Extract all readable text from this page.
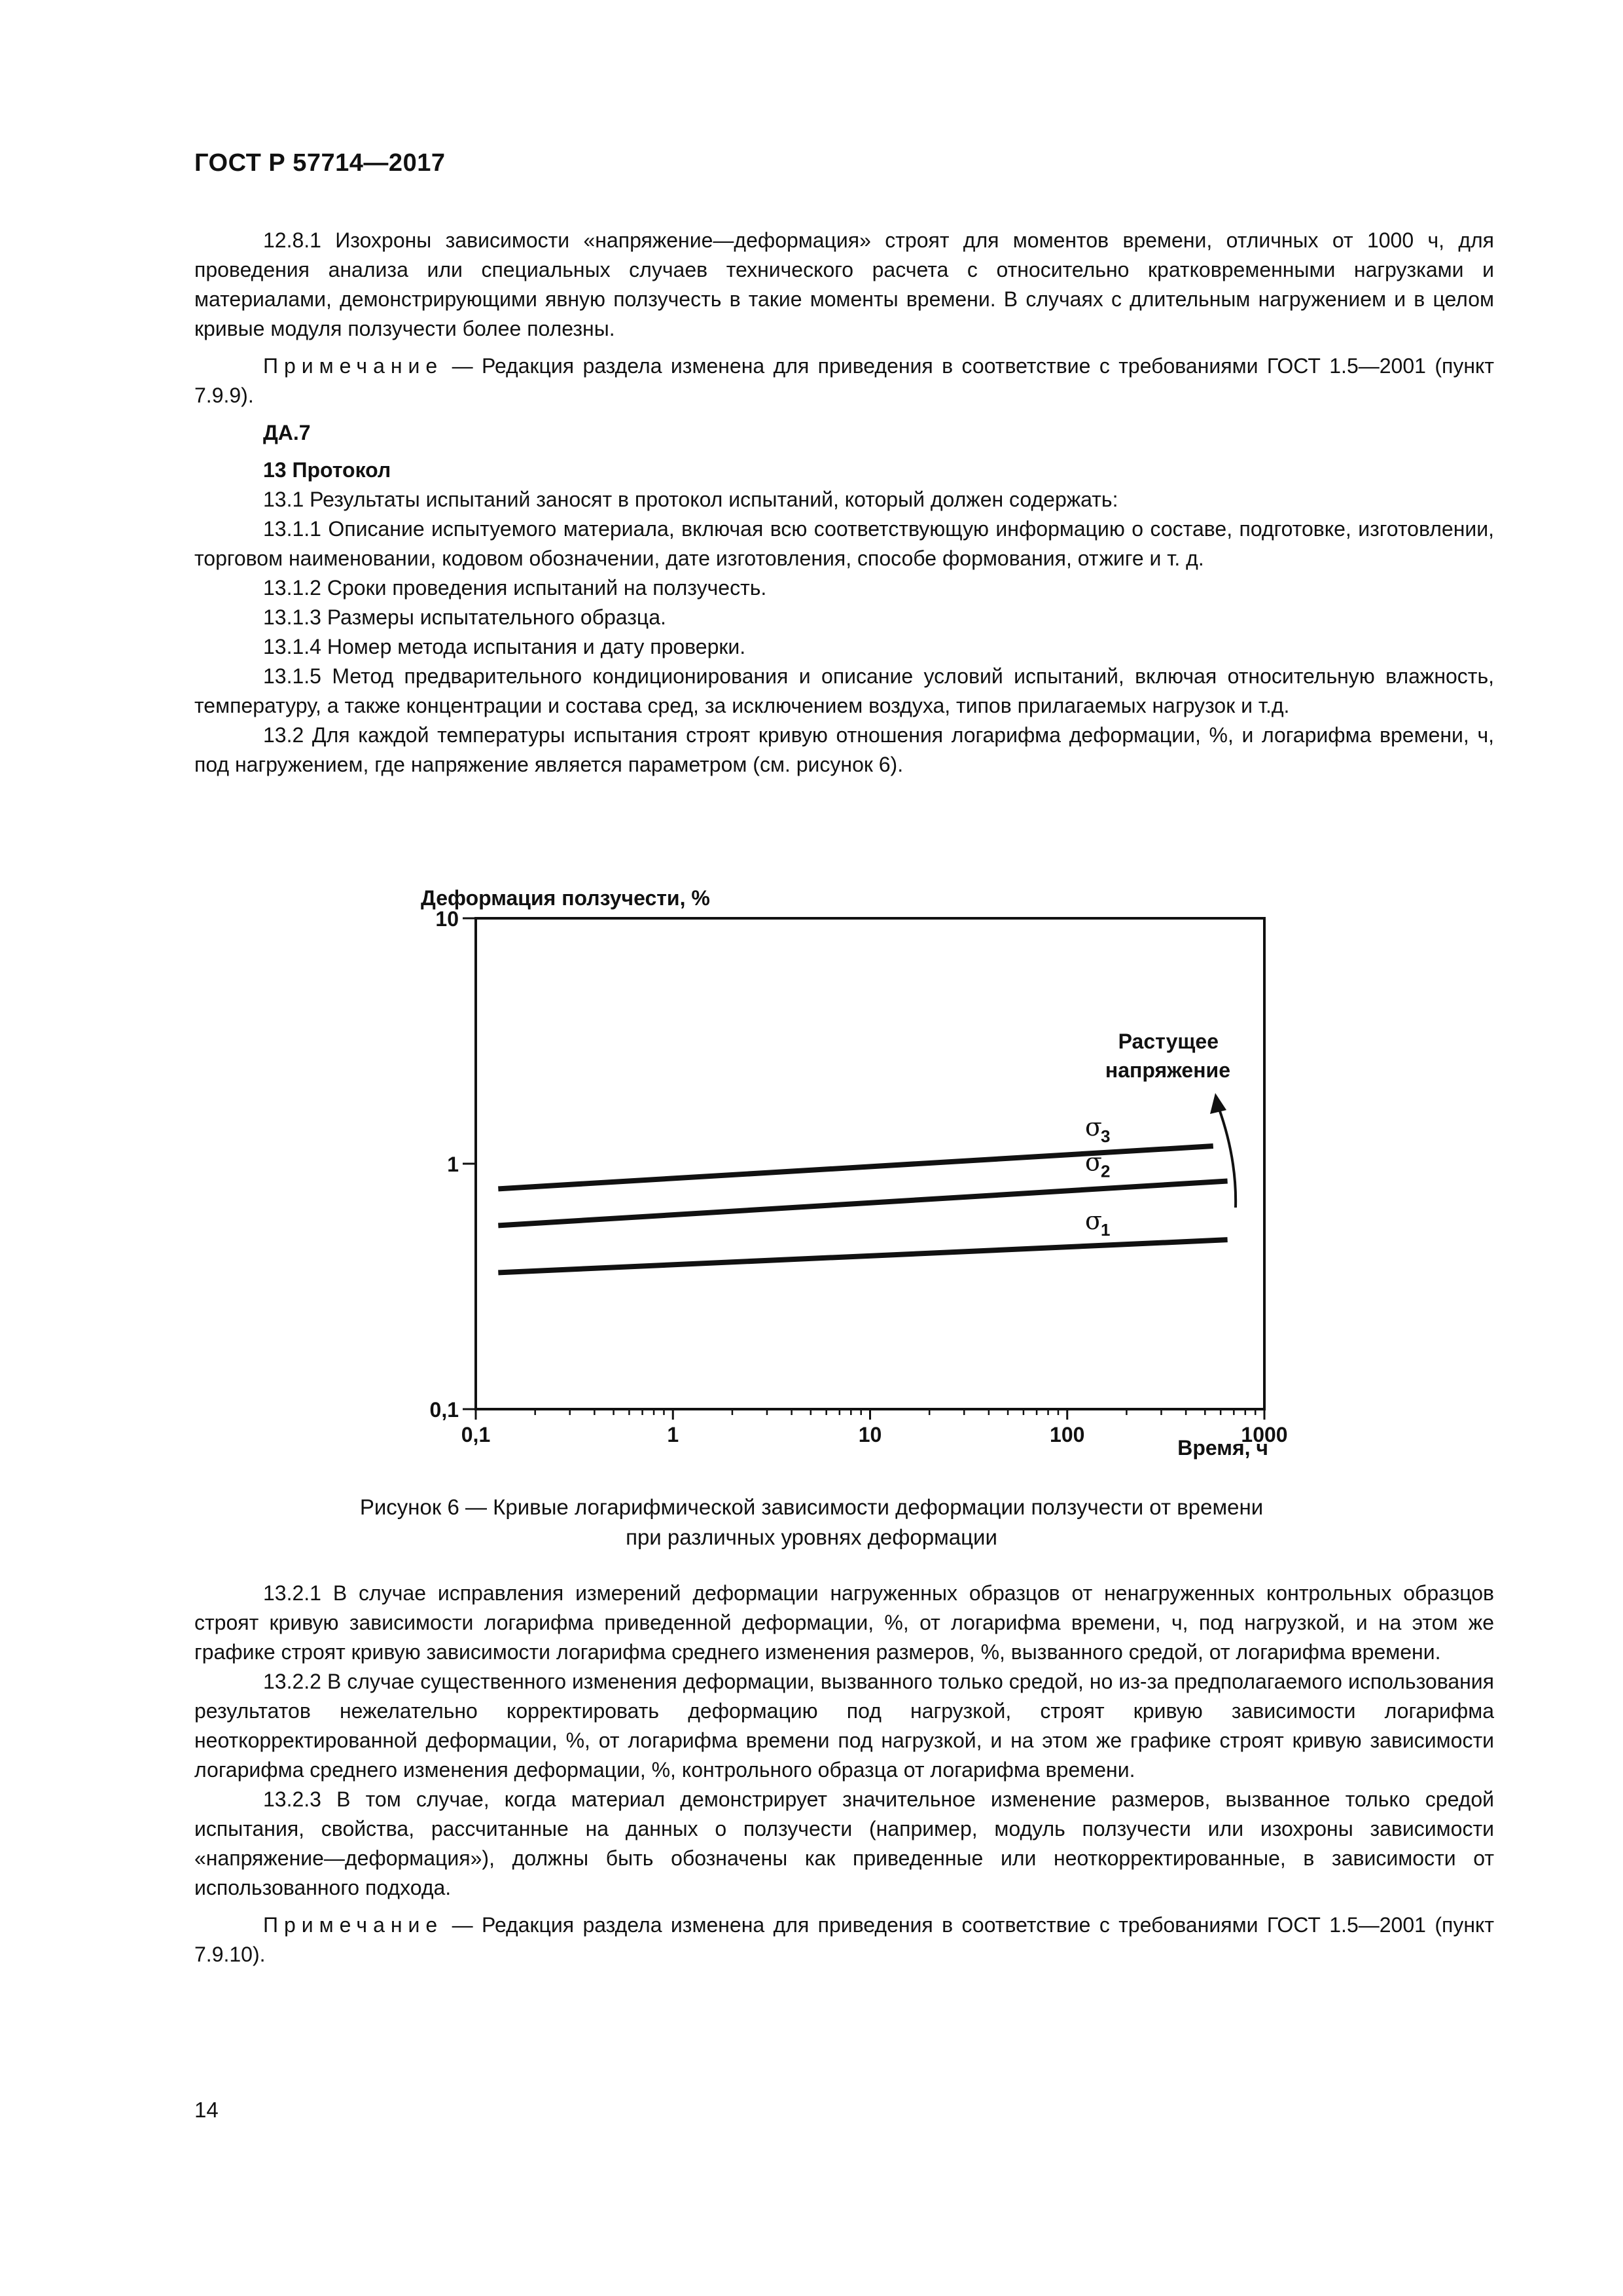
ГОСТ Р 57714—2017

12.8.1 Изохроны зависимости «напряжение—деформация» строят для моментов времени, отличных от 1000 ч, для проведения анализа или специальных случаев технического расчета с относительно кратковременными нагрузками и материалами, демонстрирующими явную ползучесть в такие моменты времени. В случаях с длительным нагружением и в целом кривые модуля ползучести более полезны.

Примечание — Редакция раздела изменена для приведения в соответствие с требованиями ГОСТ 1.5—2001 (пункт 7.9.9).

ДА.7

13 Протокол

13.1 Результаты испытаний заносят в протокол испытаний, который должен содержать:

13.1.1 Описание испытуемого материала, включая всю соответствующую информацию о составе, подготовке, изготовлении, торговом наименовании, кодовом обозначении, дате изготовления, способе формования, отжиге и т. д.

13.1.2 Сроки проведения испытаний на ползучесть.

13.1.3 Размеры испытательного образца.

13.1.4 Номер метода испытания и дату проверки.

13.1.5 Метод предварительного кондиционирования и описание условий испытаний, включая относительную влажность, температуру, а также концентрации и состава сред, за исключением воздуха, типов прилагаемых нагрузок и т.д.

13.2 Для каждой температуры испытания строят кривую отношения логарифма деформации, %, и логарифма времени, ч, под нагружением, где напряжение является параметром (см. рисунок 6).

Деформация ползучести, %
0,1	1	10	100	1000
0,1
1
10
σ
1
σ
2
σ
3
Растущее
напряжение
Время, ч
Рисунок 6 — Кривые логарифмической зависимости деформации ползучести от времени
при различных уровнях деформации

13.2.1 В случае исправления измерений деформации нагруженных образцов от ненагруженных контрольных образцов строят кривую зависимости логарифма приведенной деформации, %, от логарифма времени, ч, под нагрузкой, и на этом же графике строят кривую зависимости логарифма среднего изменения размеров, %, вызванного средой, от логарифма времени.

13.2.2 В случае существенного изменения деформации, вызванного только средой, но из-за предполагаемого использования результатов нежелательно корректировать деформацию под нагрузкой, строят кривую зависимости логарифма неоткорректированной деформации, %, от логарифма времени под нагрузкой, и на этом же графике строят кривую зависимости логарифма среднего изменения деформации, %, контрольного образца от логарифма времени.

13.2.3 В том случае, когда материал демонстрирует значительное изменение размеров, вызванное только средой испытания, свойства, рассчитанные на данных о ползучести (например, модуль ползучести или изохроны зависимости «напряжение—деформация»), должны быть обозначены как приведенные или неоткорректированные, в зависимости от использованного подхода.

Примечание — Редакция раздела изменена для приведения в соответствие с требованиями ГОСТ 1.5—2001 (пункт 7.9.10).

14
